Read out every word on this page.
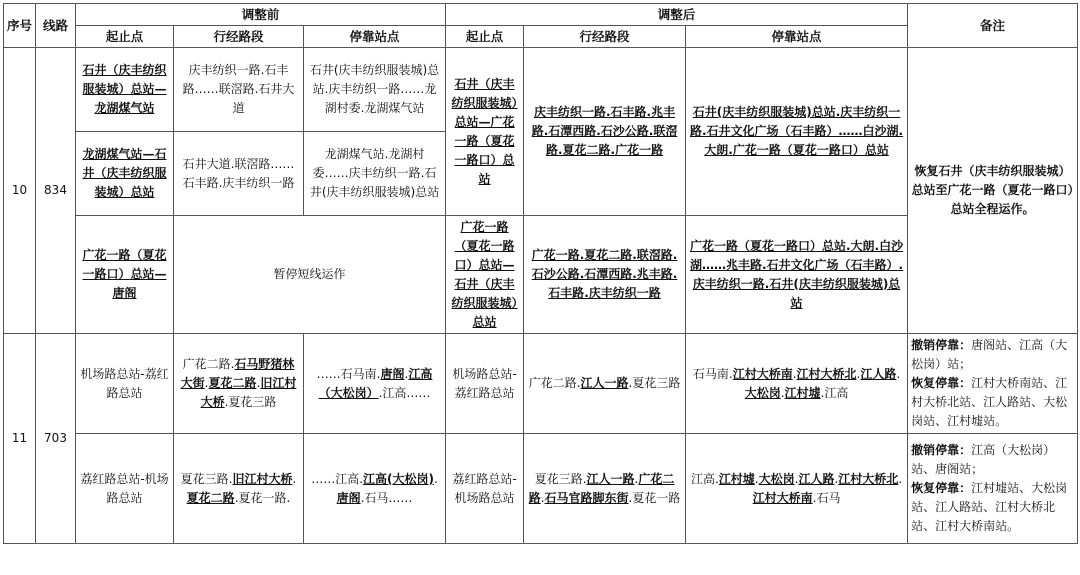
序号	线路	调整前			调整后			备注
		起止点	行经路段	停靠站点	起止点	行经路段	停靠站点	
10	834	石井（庆丰纺织服装城）总站—龙湖煤气站	庆丰纺织一路.石丰路……联滘路.石井大道	石井(庆丰纺织服装城)总站.庆丰纺织一路……龙湖村委.龙湖煤气站	石井（庆丰纺织服装城）总站—广花一路（夏花一路口）总站	庆丰纺织一路.石丰路.兆丰路.石潭西路.石沙公路.联滘路.夏花二路.广花一路	石井(庆丰纺织服装城)总站.庆丰纺织一路.石井文化广场（石丰路）……白沙湖.大朗.广花一路（夏花一路口）总站	恢复石井（庆丰纺织服装城）总站至广花一路（夏花一路口）总站全程运作。
		龙湖煤气站—石井（庆丰纺织服装城）总站	石井大道.联滘路……石丰路.庆丰纺织一路	龙湖煤气站.龙湖村委……庆丰纺织一路.石井(庆丰纺织服装城)总站				
		广花一路（夏花一路口）总站—唐阁	暂停短线运作		广花一路（夏花一路口）总站—石井（庆丰纺织服装城）总站	广花一路.夏花二路.联滘路.石沙公路.石潭西路.兆丰路.石丰路.庆丰纺织一路	广花一路（夏花一路口）总站.大朗.白沙湖……兆丰路.石井文化广场（石丰路）.庆丰纺织一路.石井(庆丰纺织服装城)总站	
11	703	机场路总站-荔红路总站	广花二路.石马野猪林大街.夏花二路.旧江村大桥.夏花三路	……石马南.唐阁.江高（大松岗）.江高……	机场路总站-荔红路总站	广花二路.江人一路.夏花三路	石马南.江村大桥南.江村大桥北.江人路.大松岗.江村墟.江高	撤销停靠：唐阁站、江高（大松岗）站；
恢复停靠：江村大桥南站、江村大桥北站、江人路站、大松岗站、江村墟站。
		荔红路总站-机场路总站	夏花三路.旧江村大桥.夏花二路.夏花一路.	……江高.江高(大松岗).唐阁.石马……	荔红路总站-机场路总站	夏花三路.江人一路.广花二路.石马官路脚东街.夏花一路	江高.江村墟.大松岗.江人路.江村大桥北.江村大桥南.石马	撤销停靠：江高（大松岗）站、唐阁站；
恢复停靠：江村墟站、大松岗站、江人路站、江村大桥北站、江村大桥南站。
